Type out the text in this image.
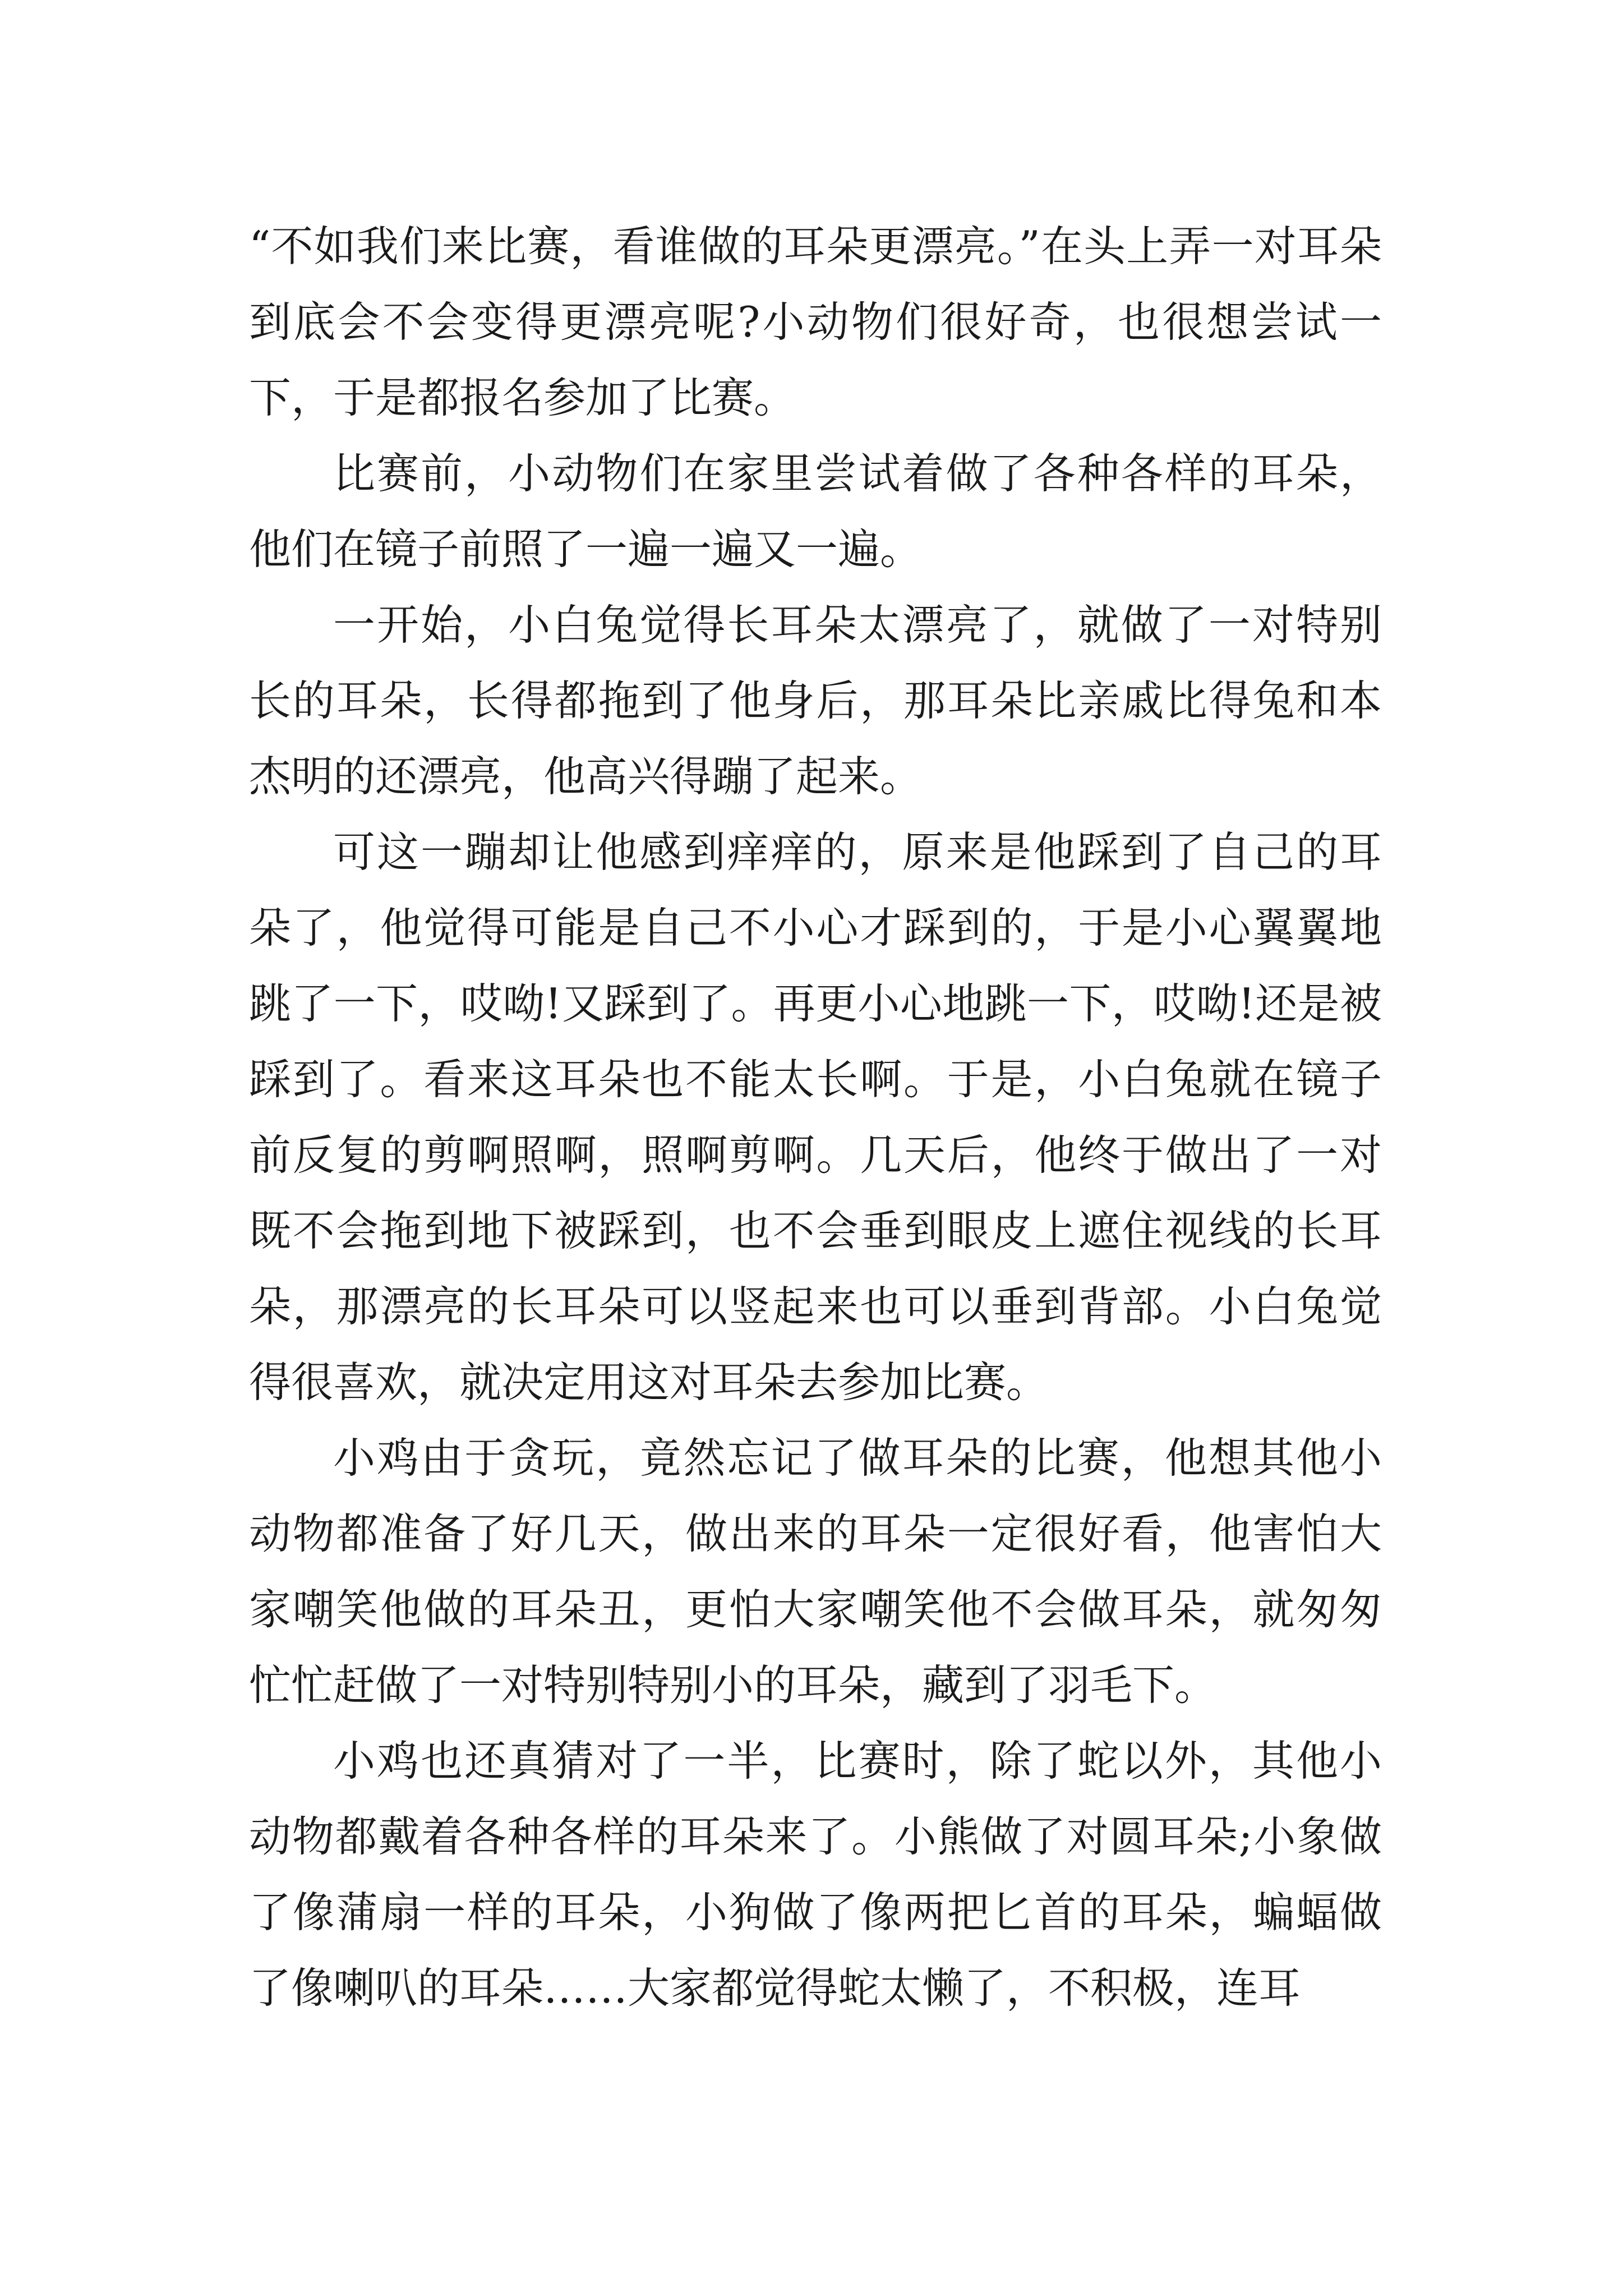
“不如我们来比赛，看谁做的耳朵更漂亮。”在头上弄一对耳朵到底会不会变得更漂亮呢?小动物们很好奇，也很想尝试一下，于是都报名参加了比赛。

比赛前，小动物们在家里尝试着做了各种各样的耳朵，他们在镜子前照了一遍一遍又一遍。

一开始，小白兔觉得长耳朵太漂亮了，就做了一对特别长的耳朵，长得都拖到了他身后，那耳朵比亲戚比得兔和本杰明的还漂亮，他高兴得蹦了起来。

可这一蹦却让他感到痒痒的，原来是他踩到了自己的耳朵了，他觉得可能是自己不小心才踩到的，于是小心翼翼地跳了一下，哎呦!又踩到了。再更小心地跳一下，哎呦!还是被踩到了。看来这耳朵也不能太长啊。于是，小白兔就在镜子前反复的剪啊照啊，照啊剪啊。几天后，他终于做出了一对既不会拖到地下被踩到，也不会垂到眼皮上遮住视线的长耳朵，那漂亮的长耳朵可以竖起来也可以垂到背部。小白兔觉得很喜欢，就决定用这对耳朵去参加比赛。

小鸡由于贪玩，竟然忘记了做耳朵的比赛，他想其他小动物都准备了好几天，做出来的耳朵一定很好看，他害怕大家嘲笑他做的耳朵丑，更怕大家嘲笑他不会做耳朵，就匆匆忙忙赶做了一对特别特别小的耳朵，藏到了羽毛下。

小鸡也还真猜对了一半，比赛时，除了蛇以外，其他小动物都戴着各种各样的耳朵来了。小熊做了对圆耳朵;小象做了像蒲扇一样的耳朵，小狗做了像两把匕首的耳朵，蝙蝠做了像喇叭的耳朵……大家都觉得蛇太懒了，不积极，连耳
